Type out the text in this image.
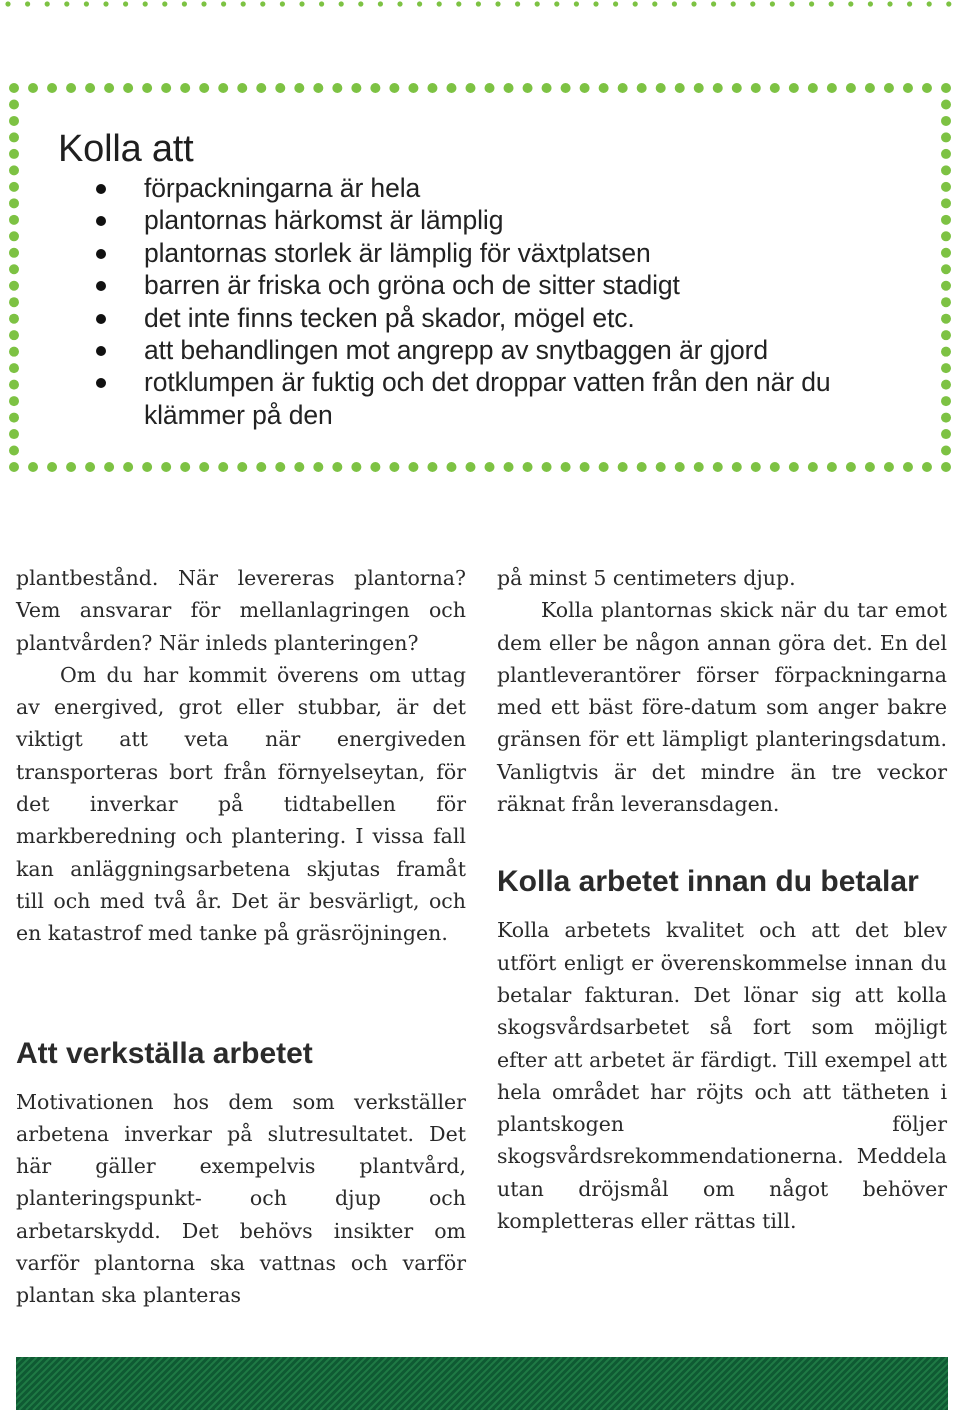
Kolla att
förpackningarna är hela
plantornas härkomst är lämplig
plantornas storlek är lämplig för växtplatsen
barren är friska och gröna och de sitter stadigt
det inte finns tecken på skador, mögel etc.
att behandlingen mot angrepp av snytbaggen är gjord
rotklumpen är fuktig och det droppar vatten från den när du klämmer på den

plantbestånd. När levereras plantorna? Vem ansvarar för mellanlagringen och plantvården? När inleds planteringen?

Om du har kommit överens om uttag av energived, grot eller stubbar, är det viktigt att veta när energiveden transporteras bort från förnyelseytan, för det inverkar på tidtabellen för markberedning och plantering. I vissa fall kan anläggningsarbetena skjutas framåt till och med två år. Det är besvärligt, och en katastrof med tanke på gräsröjningen.

Att verkställa arbetet

Motivationen hos dem som verkställer arbetena inverkar på slutresultatet. Det här gäller exempelvis plantvård, planteringspunkt- och djup och arbetarskydd. Det behövs insikter om varför plantorna ska vattnas och varför plantan ska planteras

på minst 5 centimeters djup.

Kolla plantornas skick när du tar emot dem eller be någon annan göra det. En del plantleverantörer förser förpackningarna med ett bäst före-datum som anger bakre gränsen för ett lämpligt planteringsdatum. Vanligtvis är det mindre än tre veckor räknat från leveransdagen.

Kolla arbetet innan du betalar

Kolla arbetets kvalitet och att det blev utfört enligt er överenskommelse innan du betalar fakturan. Det lönar sig att kolla skogsvårdsarbetet så fort som möjligt efter att arbetet är färdigt. Till exempel att hela området har röjts och att tätheten i plantskogen följer skogsvårdsrekommendationerna. Meddela utan dröjsmål om något behöver kompletteras eller rättas till.
